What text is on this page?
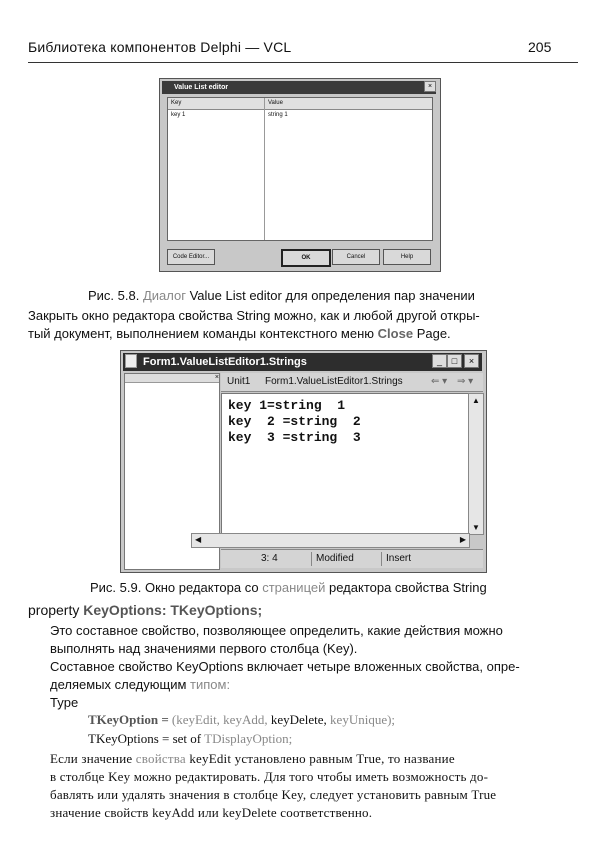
Библиотека компонентов Delphi — VCL	205
Value List editor	×
Key	Value
key 1	string 1
Code Editor...	OK	Cancel	Help
Рис. 5.8. Диалог Value List editor для определения пар значении
Закрыть окно редактора свойства String можно, как и любой другой откры-
тый документ, выполнением команды контекстного меню Close Page.
Form1.ValueListEditor1.Strings	_	□	×
× Unit1 Form1.ValueListEditor1.Strings	⇐ ▾ ⇒ ▾
key 1=string  1
key  2 =string  2
key  3 =string  3
▲
▼
◀	▶
3: 4	Modified	Insert
Рис. 5.9. Окно редактора со страницей редактора свойства String
property KeyOptions: TKeyOptions;
Это составное свойство, позволяющее определить, какие действия можно
выполнять над значениями первого столбца (Key).
Составное свойство KeyOptions включает четыре вложенных свойства, опре-
деляемых следующим типом:
Type
TKeyOption = (keyEdit, keyAdd, keyDelete, keyUnique);
TKeyOptions = set of TDisplayOption;
Если значение свойства keyEdit установлено равным True, то название
в столбце Key можно редактировать. Для того чтобы иметь возможность до-
бавлять или удалять значения в столбце Key, следует установить равным True
значение свойств keyAdd или keyDelete соответственно.
